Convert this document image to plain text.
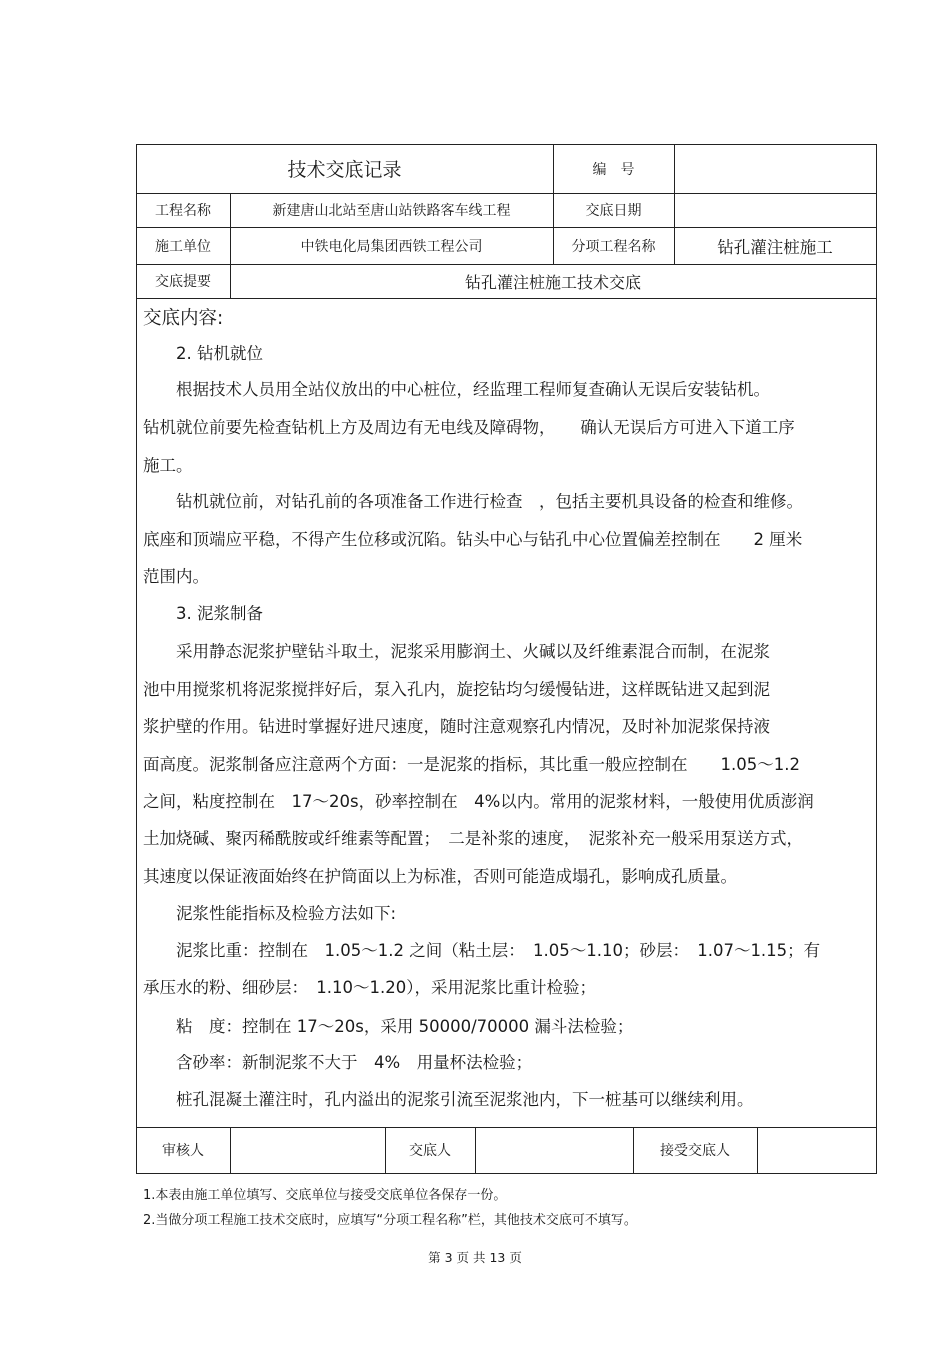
技术交底记录	编　号
工程名称	新建唐山北站至唐山站铁路客车线工程	交底日期
施工单位	中铁电化局集团西铁工程公司	分项工程名称	钻孔灌注桩施工
交底提要	钻孔灌注桩施工技术交底
交底内容:
　　2. 钻机就位
　　根据技术人员用全站仪放出的中心桩位，经监理工程师复查确认无误后安装钻机。
钻机就位前要先检查钻机上方及周边有无电线及障碍物，　　确认无误后方可进入下道工序
施工。
　　钻机就位前，对钻孔前的各项准备工作进行检查　，包括主要机具设备的检查和维修。
底座和顶端应平稳，不得产生位移或沉陷。钻头中心与钻孔中心位置偏差控制在　　2 厘米
范围内。
　　3. 泥浆制备
　　采用静态泥浆护壁钻斗取土，泥浆采用膨润土、火碱以及纤维素混合而制，在泥浆
池中用搅浆机将泥浆搅拌好后，泵入孔内，旋挖钻均匀缓慢钻进，这样既钻进又起到泥
浆护壁的作用。钻进时掌握好进尺速度，随时注意观察孔内情况，及时补加泥浆保持液
面高度。泥浆制备应注意两个方面：一是泥浆的指标，其比重一般应控制在　　1.05～1.2
之间，粘度控制在　17～20s，砂率控制在　4%以内。常用的泥浆材料，一般使用优质澎润
土加烧碱、聚丙稀酰胺或纤维素等配置；　二是补浆的速度，　泥浆补充一般采用泵送方式，
其速度以保证液面始终在护筒面以上为标准，否则可能造成塌孔，影响成孔质量。
　　泥浆性能指标及检验方法如下:
　　泥浆比重：控制在　1.05～1.2 之间（粘土层：　1.05～1.10；砂层：　1.07～1.15；有
承压水的粉、细砂层：　1.10～1.20），采用泥浆比重计检验；
　　粘　度：控制在 17～20s，采用 50000/70000 漏斗法检验；
　　含砂率：新制泥浆不大于　4%　用量杯法检验；
　　桩孔混凝土灌注时，孔内溢出的泥浆引流至泥浆池内，下一桩基可以继续利用。
审核人	交底人	接受交底人
1.本表由施工单位填写、交底单位与接受交底单位各保存一份。
2.当做分项工程施工技术交底时，应填写“分项工程名称”栏，其他技术交底可不填写。
第 3 页 共 13 页
